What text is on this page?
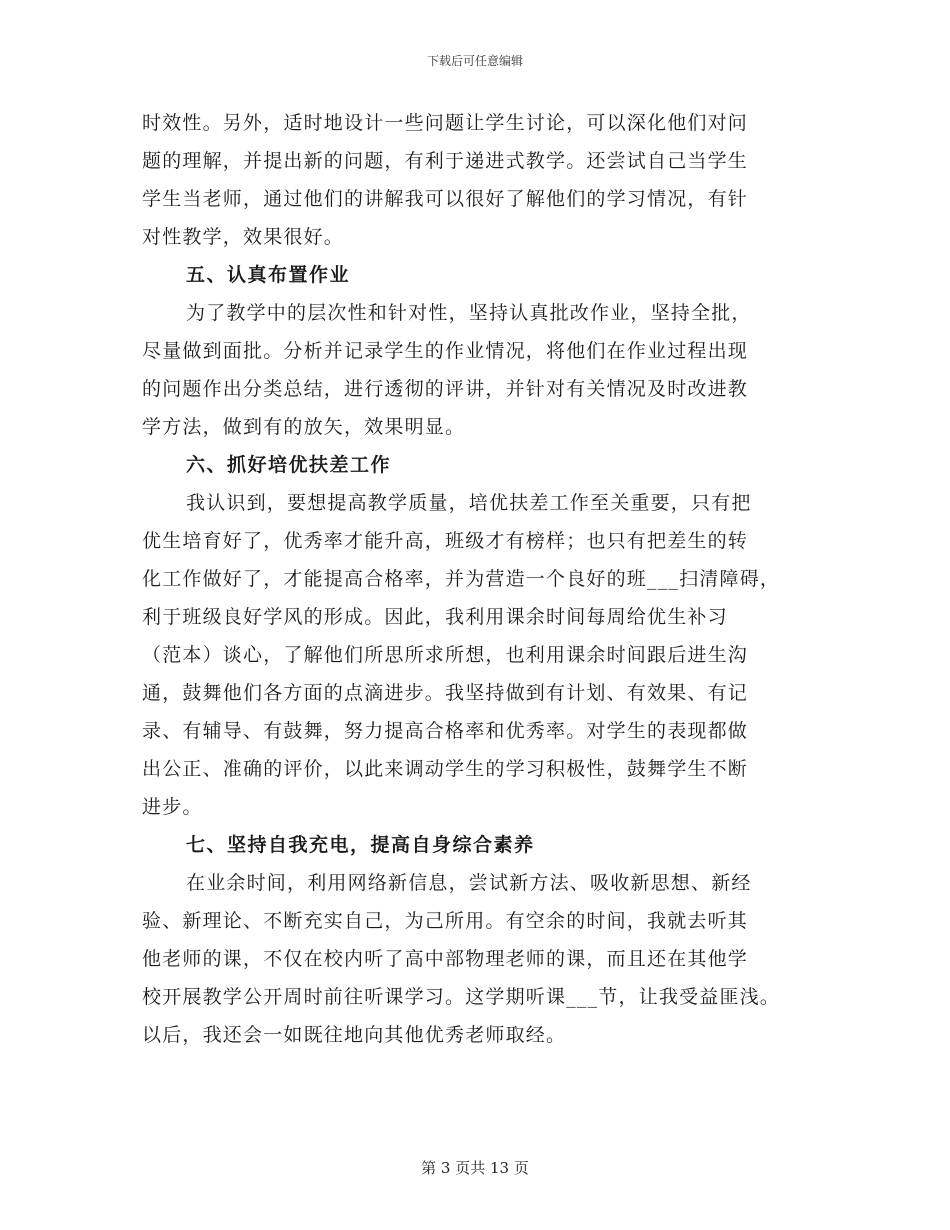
下载后可任意编辑
时效性。另外，适时地设计一些问题让学生讨论，可以深化他们对问
题的理解，并提出新的问题，有利于递进式教学。还尝试自己当学生
学生当老师，通过他们的讲解我可以很好了解他们的学习情况，有针
对性教学，效果很好。
五、认真布置作业
为了教学中的层次性和针对性，坚持认真批改作业，坚持全批，
尽量做到面批。分析并记录学生的作业情况，将他们在作业过程出现
的问题作出分类总结，进行透彻的评讲，并针对有关情况及时改进教
学方法，做到有的放矢，效果明显。
六、抓好培优扶差工作
我认识到，要想提高教学质量，培优扶差工作至关重要，只有把
优生培育好了，优秀率才能升高，班级才有榜样；也只有把差生的转
化工作做好了，才能提高合格率，并为营造一个良好的班___扫清障碍，
利于班级良好学风的形成。因此，我利用课余时间每周给优生补习
（范本）谈心，了解他们所思所求所想，也利用课余时间跟后进生沟
通，鼓舞他们各方面的点滴进步。我坚持做到有计划、有效果、有记
录、有辅导、有鼓舞，努力提高合格率和优秀率。对学生的表现都做
出公正、准确的评价，以此来调动学生的学习积极性，鼓舞学生不断
进步。
七、坚持自我充电，提高自身综合素养
在业余时间，利用网络新信息，尝试新方法、吸收新思想、新经
验、新理论、不断充实自己，为己所用。有空余的时间，我就去听其
他老师的课，不仅在校内听了高中部物理老师的课，而且还在其他学
校开展教学公开周时前往听课学习。这学期听课___节，让我受益匪浅。
以后，我还会一如既往地向其他优秀老师取经。
第 3 页共 13 页
